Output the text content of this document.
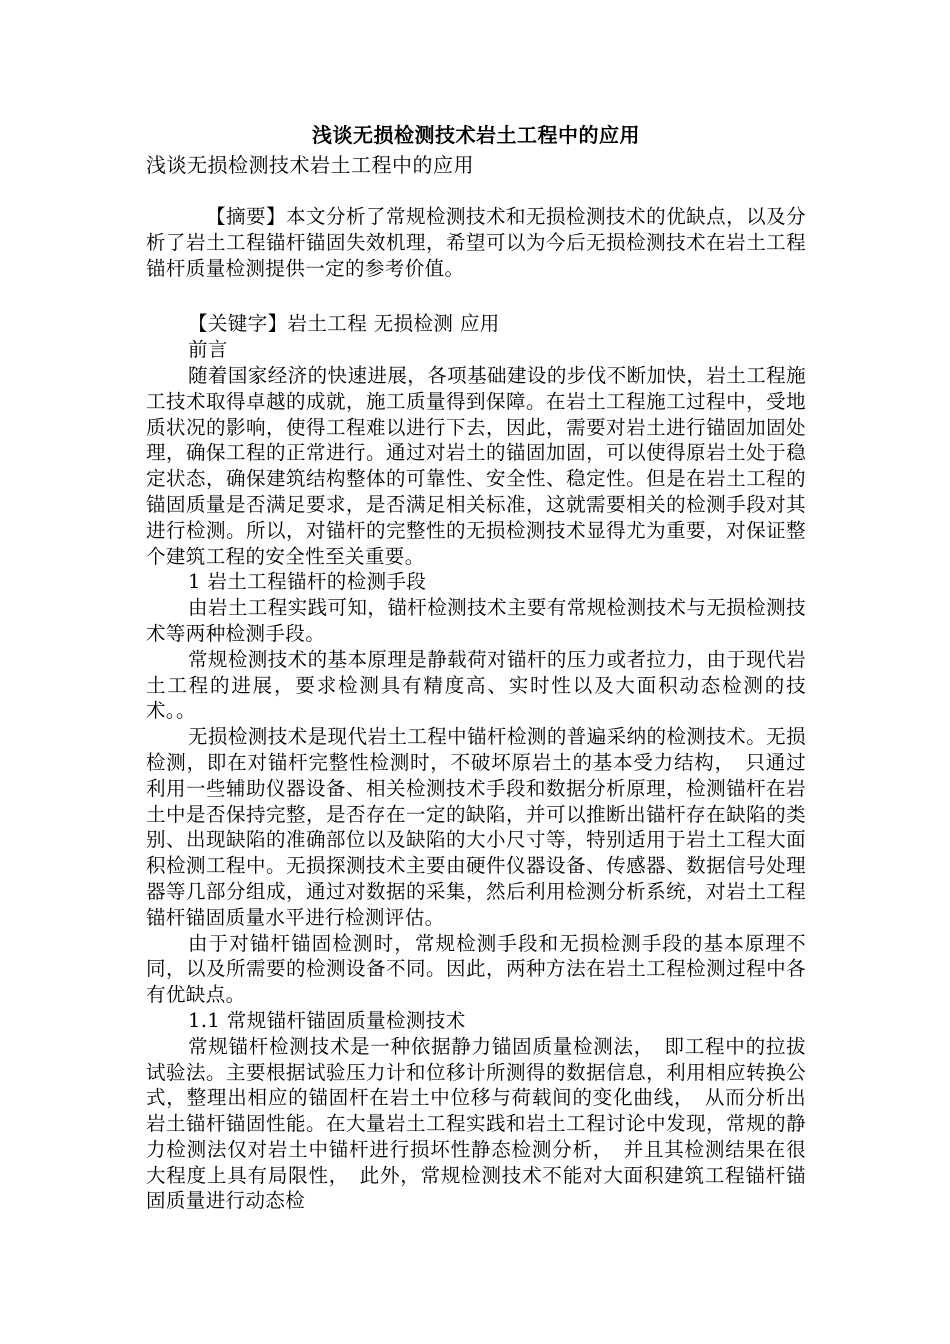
浅谈无损检测技术岩土工程中的应用

浅谈无损检测技术岩土工程中的应用

【摘要】本文分析了常规检测技术和无损检测技术的优缺点，以及分析了岩土工程锚杆锚固失效机理，希望可以为今后无损检测技术在岩土工程锚杆质量检测提供一定的参考价值。

【关键字】岩土工程 无损检测 应用

前言

随着国家经济的快速进展，各项基础建设的步伐不断加快，岩土工程施工技术取得卓越的成就，施工质量得到保障。在岩土工程施工过程中，受地质状况的影响，使得工程难以进行下去，因此，需要对岩土进行锚固加固处理，确保工程的正常进行。通过对岩土的锚固加固，可以使得原岩土处于稳定状态，确保建筑结构整体的可靠性、安全性、稳定性。但是在岩土工程的锚固质量是否满足要求，是否满足相关标准，这就需要相关的检测手段对其进行检测。所以，对锚杆的完整性的无损检测技术显得尤为重要，对保证整个建筑工程的安全性至关重要。

1 岩土工程锚杆的检测手段

由岩土工程实践可知，锚杆检测技术主要有常规检测技术与无损检测技术等两种检测手段。

常规检测技术的基本原理是静载荷对锚杆的压力或者拉力，由于现代岩土工程的进展，要求检测具有精度高、实时性以及大面积动态检测的技术。。

无损检测技术是现代岩土工程中锚杆检测的普遍采纳的检测技术。无损检测，即在对锚杆完整性检测时，不破坏原岩土的基本受力结构，　只通过利用一些辅助仪器设备、相关检测技术手段和数据分析原理，检测锚杆在岩土中是否保持完整，是否存在一定的缺陷，并可以推断出锚杆存在缺陷的类别、出现缺陷的准确部位以及缺陷的大小尺寸等，特别适用于岩土工程大面积检测工程中。无损探测技术主要由硬件仪器设备、传感器、数据信号处理器等几部分组成，通过对数据的采集，然后利用检测分析系统，对岩土工程锚杆锚固质量水平进行检测评估。

由于对锚杆锚固检测时，常规检测手段和无损检测手段的基本原理不同，以及所需要的检测设备不同。因此，两种方法在岩土工程检测过程中各有优缺点。

1.1 常规锚杆锚固质量检测技术

常规锚杆检测技术是一种依据静力锚固质量检测法，　即工程中的拉拔试验法。主要根据试验压力计和位移计所测得的数据信息，利用相应转换公式，整理出相应的锚固杆在岩土中位移与荷载间的变化曲线，　从而分析出岩土锚杆锚固性能。在大量岩土工程实践和岩土工程讨论中发现，常规的静力检测法仅对岩土中锚杆进行损坏性静态检测分析，　并且其检测结果在很大程度上具有局限性，　此外，常规检测技术不能对大面积建筑工程锚杆锚固质量进行动态检
